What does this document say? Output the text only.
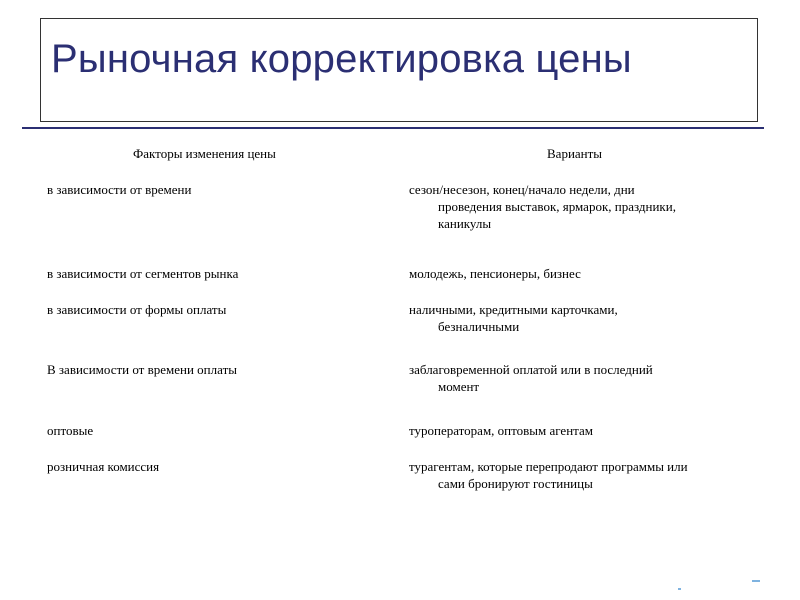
Рыночная корректировка цены
Факторы изменения цены	Варианты
в зависимости от времени	сезон/несезон, конец/начало недели, дни
проведения выставок, ярмарок, праздники,
каникулы
в зависимости от сегментов рынка	молодежь, пенсионеры, бизнес
в зависимости от формы оплаты	наличными, кредитными карточками,
безналичными
В зависимости от времени оплаты	заблаговременной оплатой или в последний
момент
оптовые	туроператорам, оптовым агентам
розничная комиссия	турагентам, которые перепродают программы или
сами бронируют гостиницы
